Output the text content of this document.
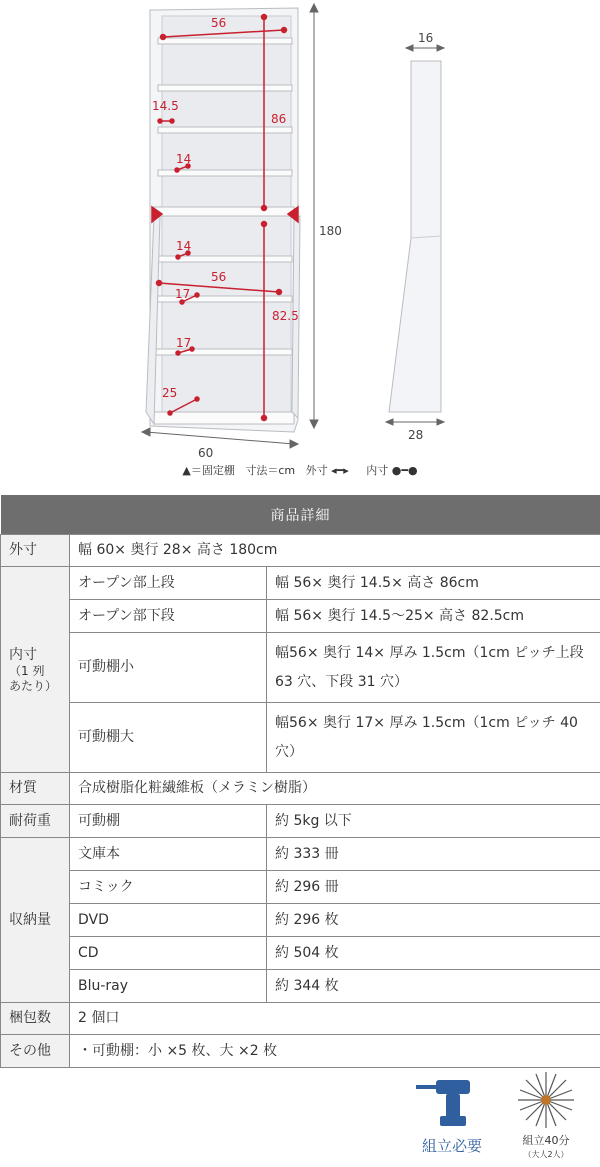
56
86
14.5
14
14
56
17
82.5
17
25
180
60
16
28
▲＝固定棚 寸法＝cm 外寸 ◂━▸ 内寸 ●━●
商品詳細		
外寸	幅 60× 奥行 28× 高さ 180cm	

内寸
（1 列
あたり）	オープン部上段	幅 56× 奥行 14.5× 高さ 86cm
	オープン部下段	幅 56× 奥行 14.5〜25× 高さ 82.5cm
	可動棚小	幅56× 奥行 14× 厚み 1.5cm（1cm ピッチ上段 63 穴、下段 31 穴）
	可動棚大	幅56× 奥行 17× 厚み 1.5cm（1cm ピッチ 40 穴）
材質	合成樹脂化粧繊維板（メラミン樹脂）	
耐荷重	可動棚	約 5kg 以下
収納量	文庫本	約 333 冊
	コミック	約 296 冊
	DVD	約 296 枚
	CD	約 504 枚
	Blu-ray	約 344 枚
梱包数	2 個口	
その他	・可動棚：小 ×5 枚、大 ×2 枚	
組立必要	組立40分
（大人2人）
